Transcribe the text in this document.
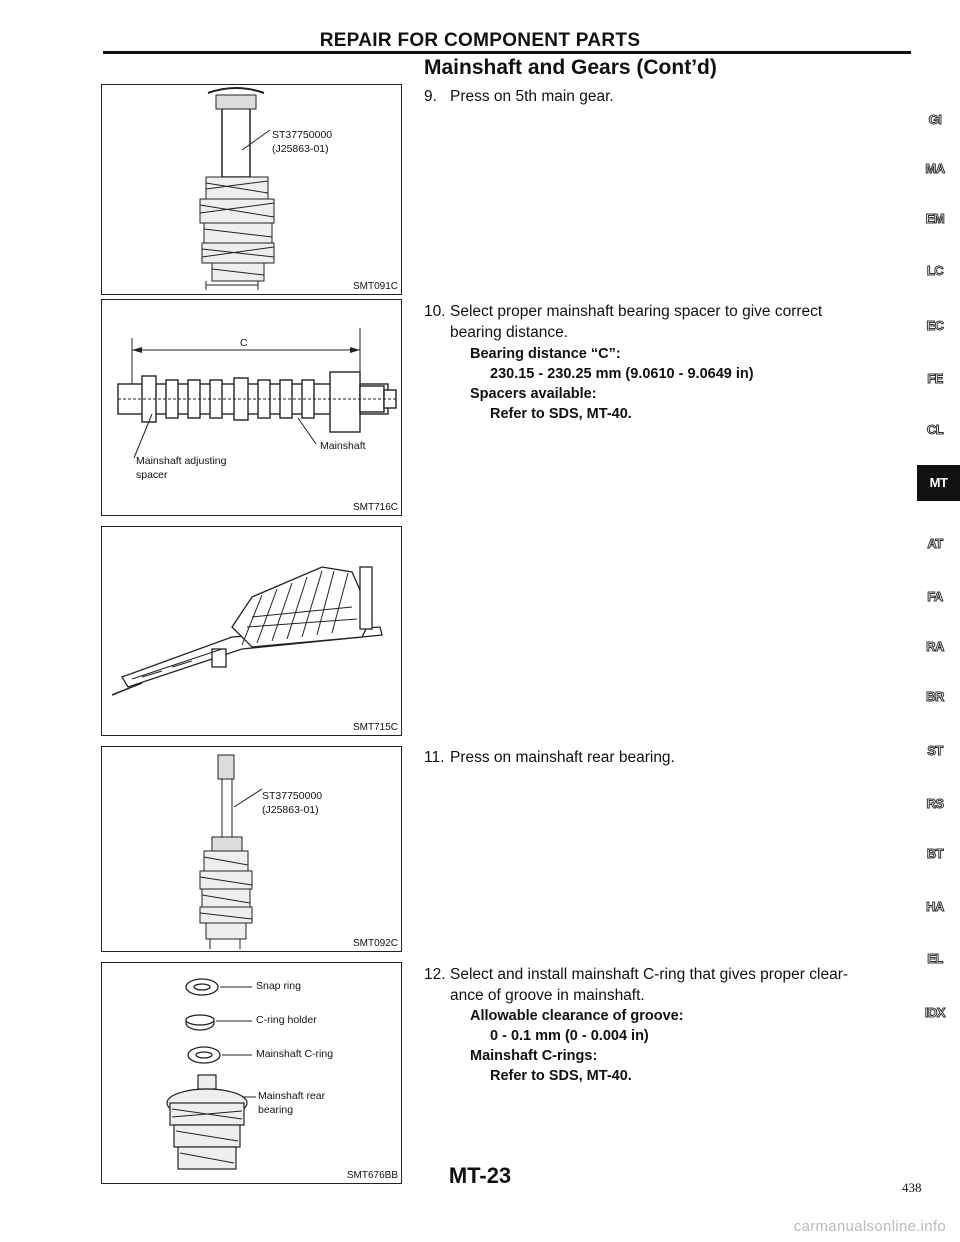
REPAIR FOR COMPONENT PARTS
Mainshaft and Gears (Cont’d)
ST37750000
(J25863-01)
SMT091C
C
Mainshaft
Mainshaft adjusting
spacer
SMT716C
SMT715C
ST37750000
(J25863-01)
SMT092C
Snap ring
C-ring holder
Mainshaft C-ring
Mainshaft rear
bearing
SMT676BB
9. Press on 5th main gear.
10. Select proper mainshaft bearing spacer to give correct
bearing distance.
Bearing distance “C”:
230.15 - 230.25 mm (9.0610 - 9.0649 in)
Spacers available:
Refer to SDS, MT-40.
11. Press on mainshaft rear bearing.
12. Select and install mainshaft C-ring that gives proper clear-
ance of groove in mainshaft.
Allowable clearance of groove:
0 - 0.1 mm (0 - 0.004 in)
Mainshaft C-rings:
Refer to SDS, MT-40.
GI
MA
EM
LC
EC
FE
CL
MT
AT
FA
RA
BR
ST
RS
BT
HA
EL
IDX
MT-23	438
carmanualsonline.info
